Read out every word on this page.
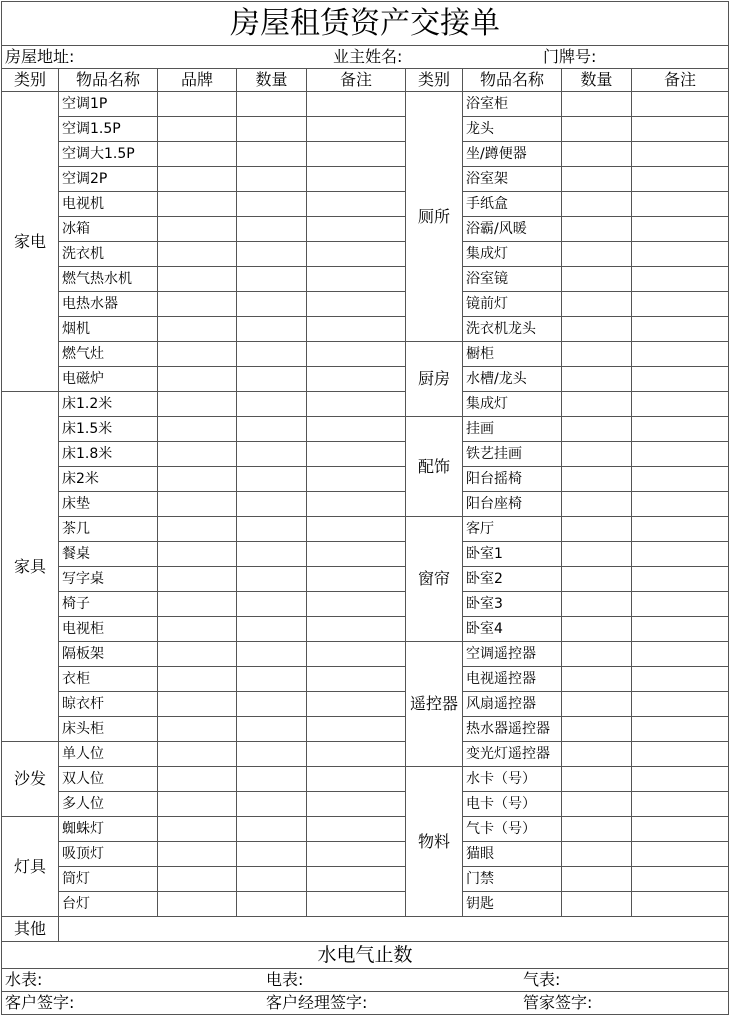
房屋租赁资产交接单								
房屋地址: 业主姓名: 门牌号:								
类别	物品名称	品牌	数量	备注	类别	物品名称	数量	备注
家电	空调1P				厕所	浴室柜		
	空调1.5P					龙头		
	空调大1.5P					坐/蹲便器		
	空调2P					浴室架		
	电视机					手纸盒		
	冰箱					浴霸/风暖		
	洗衣机					集成灯		
	燃气热水机					浴室镜		
	电热水器					镜前灯		
	烟机					洗衣机龙头		
	燃气灶				厨房	橱柜		
	电磁炉					水槽/龙头		
家具	床1.2米					集成灯		
	床1.5米				配饰	挂画		
	床1.8米					铁艺挂画		
	床2米					阳台摇椅		
	床垫					阳台座椅		
	茶几				窗帘	客厅		
	餐桌					卧室1		
	写字桌					卧室2		
	椅子					卧室3		
	电视柜					卧室4		
	隔板架				遥控器	空调遥控器		
	衣柜					电视遥控器		
	晾衣杆					风扇遥控器		
	床头柜					热水器遥控器		
沙发	单人位					变光灯遥控器		
	双人位				物料	水卡（号）		
	多人位					电卡（号）		
灯具	蜘蛛灯					气卡（号）		
	吸顶灯					猫眼		
	筒灯					门禁		
	台灯					钥匙		
其他								
水电气止数								
水表: 电表: 气表:								
客户签字: 客户经理签字: 管家签字:								
